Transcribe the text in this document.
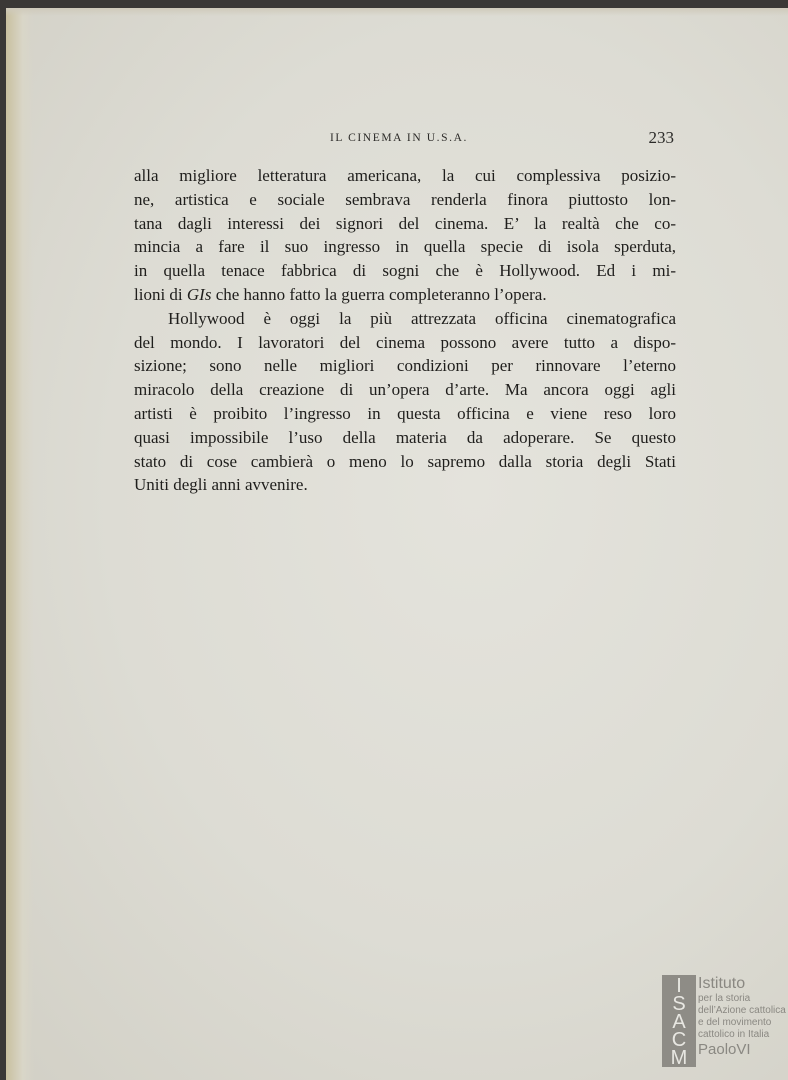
IL CINEMA IN U.S.A.	233
alla migliore letteratura americana, la cui complessiva posizio-
ne, artistica e sociale sembrava renderla finora piuttosto lon-
tana dagli interessi dei signori del cinema. E’ la realtà che co-
mincia a fare il suo ingresso in quella specie di isola sperduta,
in quella tenace fabbrica di sogni che è Hollywood. Ed i mi-
lioni di GIs che hanno fatto la guerra completeranno l’opera.
Hollywood è oggi la più attrezzata officina cinematografica
del mondo. I lavoratori del cinema possono avere tutto a dispo-
sizione; sono nelle migliori condizioni per rinnovare l’eterno
miracolo della creazione di un’opera d’arte. Ma ancora oggi agli
artisti è proibito l’ingresso in questa officina e viene reso loro
quasi impossibile l’uso della materia da adoperare. Se questo
stato di cose cambierà o meno lo sapremo dalla storia degli Stati
Uniti degli anni avvenire.
I
S
A
C
M
Istituto
per la storia
dell’Azione cattolica
e del movimento
cattolico in Italia
PaoloVI
